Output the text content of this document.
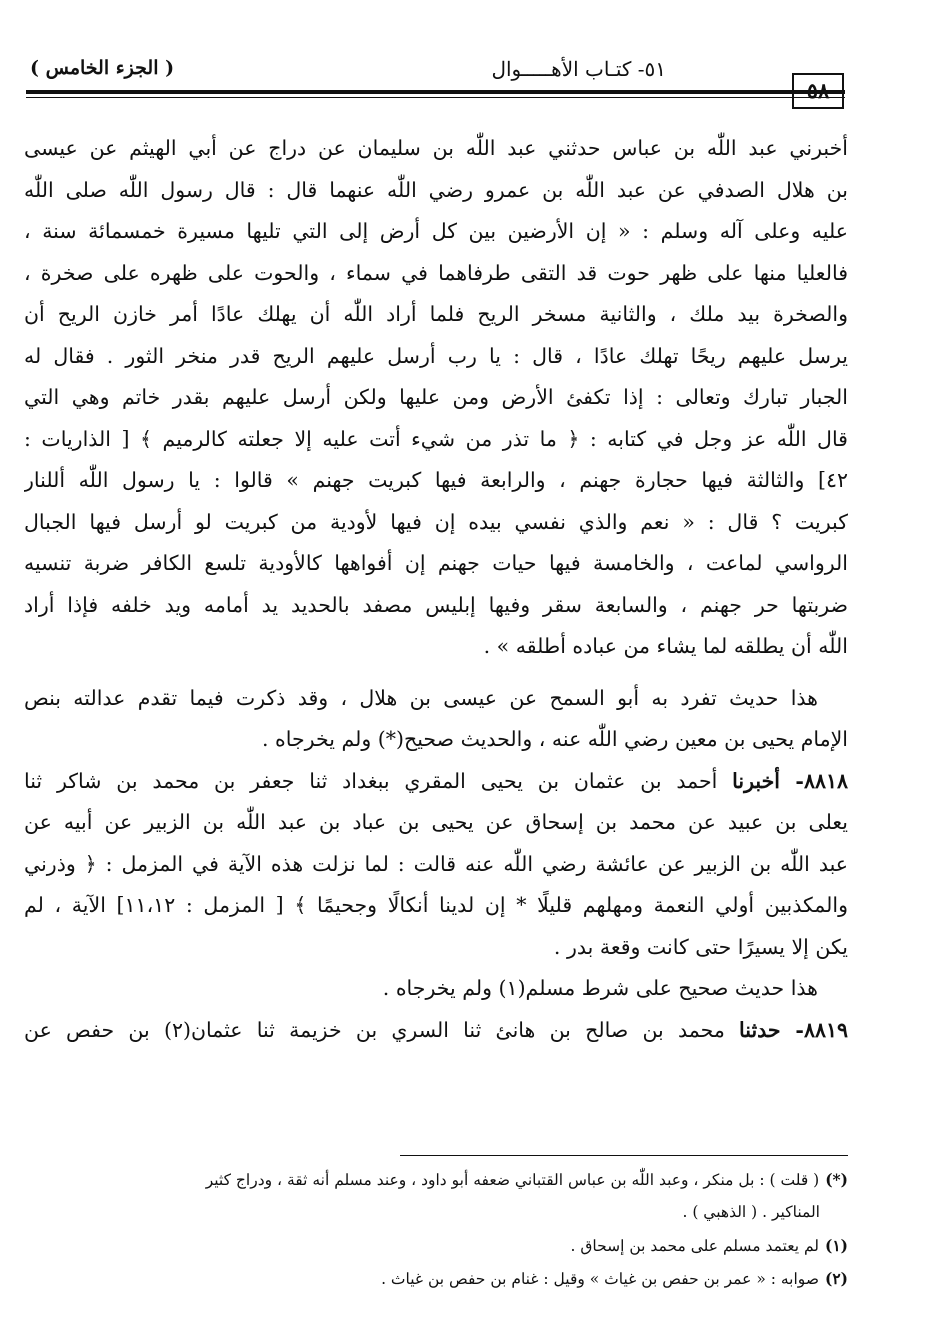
٥١- كتـاب الأهـــــوال
( الجزء الخامس )
٥٨
أخبرني عبد اللّٰه بن عباس حدثني عبد اللّٰه بن سليمان عن دراج عن أبي الهيثم عن عيسى
بن هلال الصدفي عن عبد اللّٰه بن عمرو رضي اللّٰه عنهما قال : قال رسول اللّٰه صلى اللّٰه
عليه وعلى آله وسلم : « إن الأرضين بين كل أرض إلى التي تليها مسيرة خمسمائة سنة ،
فالعليا منها على ظهر حوت قد التقى طرفاهما في سماء ، والحوت على ظهره على صخرة ،
والصخرة بيد ملك ، والثانية مسخر الريح فلما أراد اللّٰه أن يهلك عادًا أمر خازن الريح أن
يرسل عليهم ريحًا تهلك عادًا ، قال : يا رب أرسل عليهم الريح قدر منخر الثور . فقال له
الجبار تبارك وتعالى : إذا تكفئ الأرض ومن عليها ولكن أرسل عليهم بقدر خاتم وهي التي
قال اللّٰه عز وجل في كتابه : ﴿ ما تذر من شيء أتت عليه إلا جعلته كالرميم ﴾ [ الذاريات :
٤٢] والثالثة فيها حجارة جهنم ، والرابعة فيها كبريت جهنم » قالوا : يا رسول اللّٰه أللنار
كبريت ؟ قال : « نعم والذي نفسي بيده إن فيها لأودية من كبريت لو أرسل فيها الجبال
الرواسي لماعت ، والخامسة فيها حيات جهنم إن أفواهها كالأودية تلسع الكافر ضربة تنسيه
ضربتها حر جهنم ، والسابعة سقر وفيها إبليس مصفد بالحديد يد أمامه ويد خلفه فإذا أراد
اللّٰه أن يطلقه لما يشاء من عباده أطلقه » .
هذا حديث تفرد به أبو السمح عن عيسى بن هلال ، وقد ذكرت فيما تقدم عدالته بنص
الإمام يحيى بن معين رضي اللّٰه عنه ، والحديث صحيح(*) ولم يخرجاه .
٨٨١٨- أخبرنا أحمد بن عثمان بن يحيى المقري ببغداد ثنا جعفر بن محمد بن شاكر ثنا
يعلى بن عبيد عن محمد بن إسحاق عن يحيى بن عباد بن عبد اللّٰه بن الزبير عن أبيه عن
عبد اللّٰه بن الزبير عن عائشة رضي اللّٰه عنه قالت : لما نزلت هذه الآية في المزمل : ﴿ وذرني
والمكذبين أولي النعمة ومهلهم قليلًا * إن لدينا أنكالًا وجحيمًا ﴾ [ المزمل : ١١،١٢] الآية ، لم
يكن إلا يسيرًا حتى كانت وقعة بدر .
هذا حديث صحيح على شرط مسلم(١) ولم يخرجاه .
٨٨١٩- حدثنا محمد بن صالح بن هانئ ثنا السري بن خزيمة ثنا عثمان(٢) بن حفص عن
(*)( قلت ) : بل منكر ، وعبد اللّٰه بن عباس القتباني ضعفه أبو داود ، وعند مسلم أنه ثقة ، ودراج كثير
المناكير . ( الذهبي ) .
(١)لم يعتمد مسلم على محمد بن إسحاق .
(٢)صوابه : « عمر بن حفص بن غياث » وقيل : غنام بن حفص بن غياث .
